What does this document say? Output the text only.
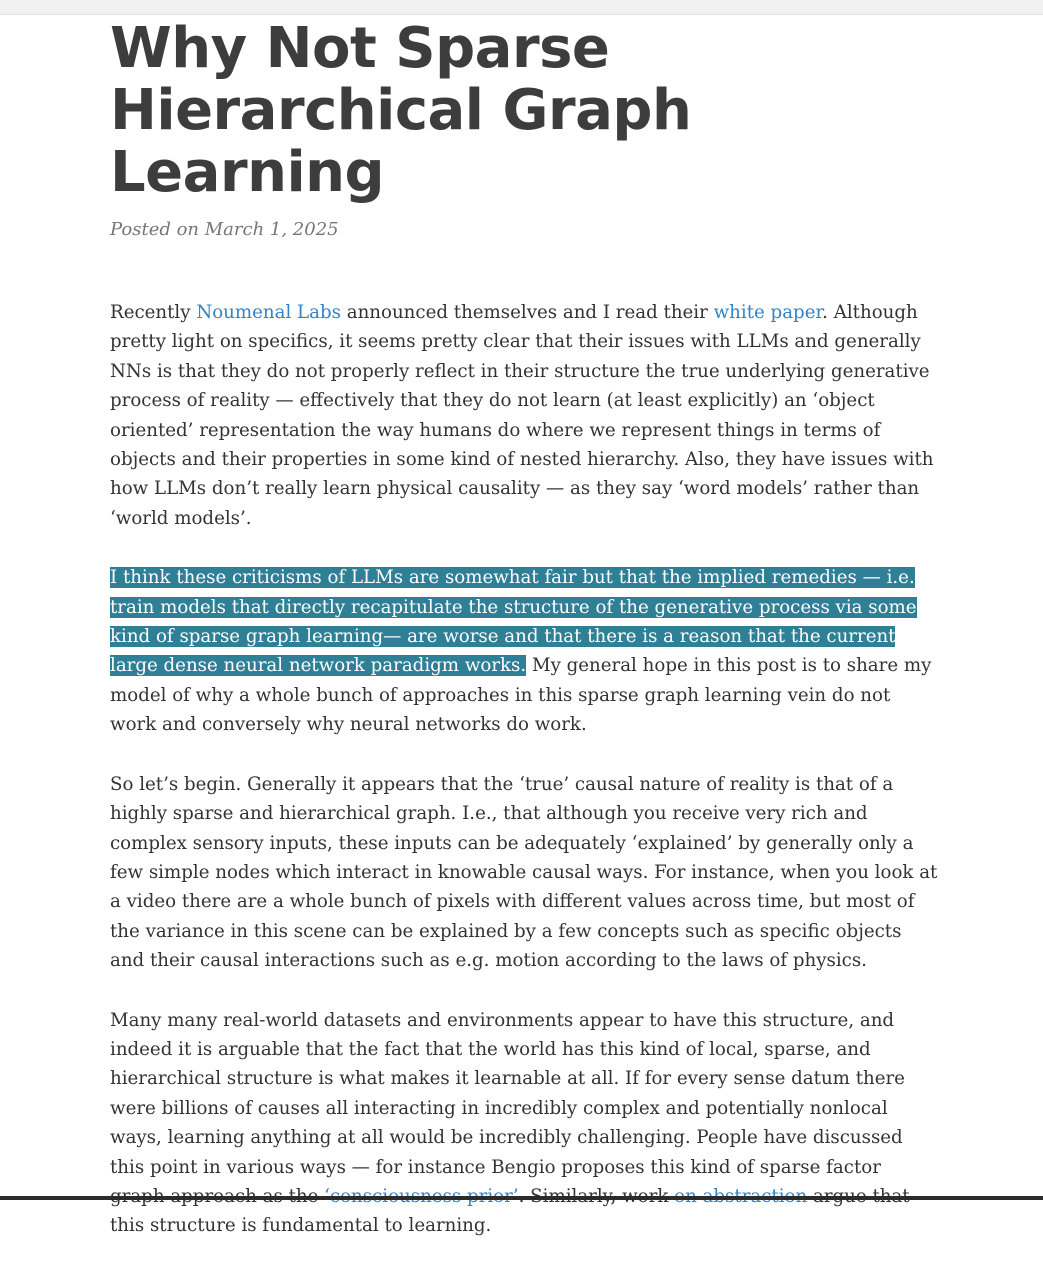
Why Not Sparse Hierarchical Graph Learning
Posted on March 1, 2025

Recently Noumenal Labs announced themselves and I read their white paper. Although pretty light on specifics, it seems pretty clear that their issues with LLMs and generally NNs is that they do not properly reflect in their structure the true underlying generative process of reality — effectively that they do not learn (at least explicitly) an ‘object oriented’ representation the way humans do where we represent things in terms of objects and their properties in some kind of nested hierarchy. Also, they have issues with how LLMs don’t really learn physical causality — as they say ‘word models’ rather than ‘world models’.

I think these criticisms of LLMs are somewhat fair but that the implied remedies — i.e. train models that directly recapitulate the structure of the generative process via some kind of sparse graph learning— are worse and that there is a reason that the current large dense neural network paradigm works. My general hope in this post is to share my model of why a whole bunch of approaches in this sparse graph learning vein do not work and conversely why neural networks do work.

So let’s begin. Generally it appears that the ‘true’ causal nature of reality is that of a highly sparse and hierarchical graph. I.e., that although you receive very rich and complex sensory inputs, these inputs can be adequately ‘explained’ by generally only a few simple nodes which interact in knowable causal ways. For instance, when you look at a video there are a whole bunch of pixels with different values across time, but most of the variance in this scene can be explained by a few concepts such as specific objects and their causal interactions such as e.g. motion according to the laws of physics.

Many many real-world datasets and environments appear to have this structure, and indeed it is arguable that the fact that the world has this kind of local, sparse, and hierarchical structure is what makes it learnable at all. If for every sense datum there were billions of causes all interacting in incredibly complex and potentially nonlocal ways, learning anything at all would be incredibly challenging. People have discussed this point in various ways — for instance Bengio proposes this kind of sparse factor this structure is fundamental to learning.
